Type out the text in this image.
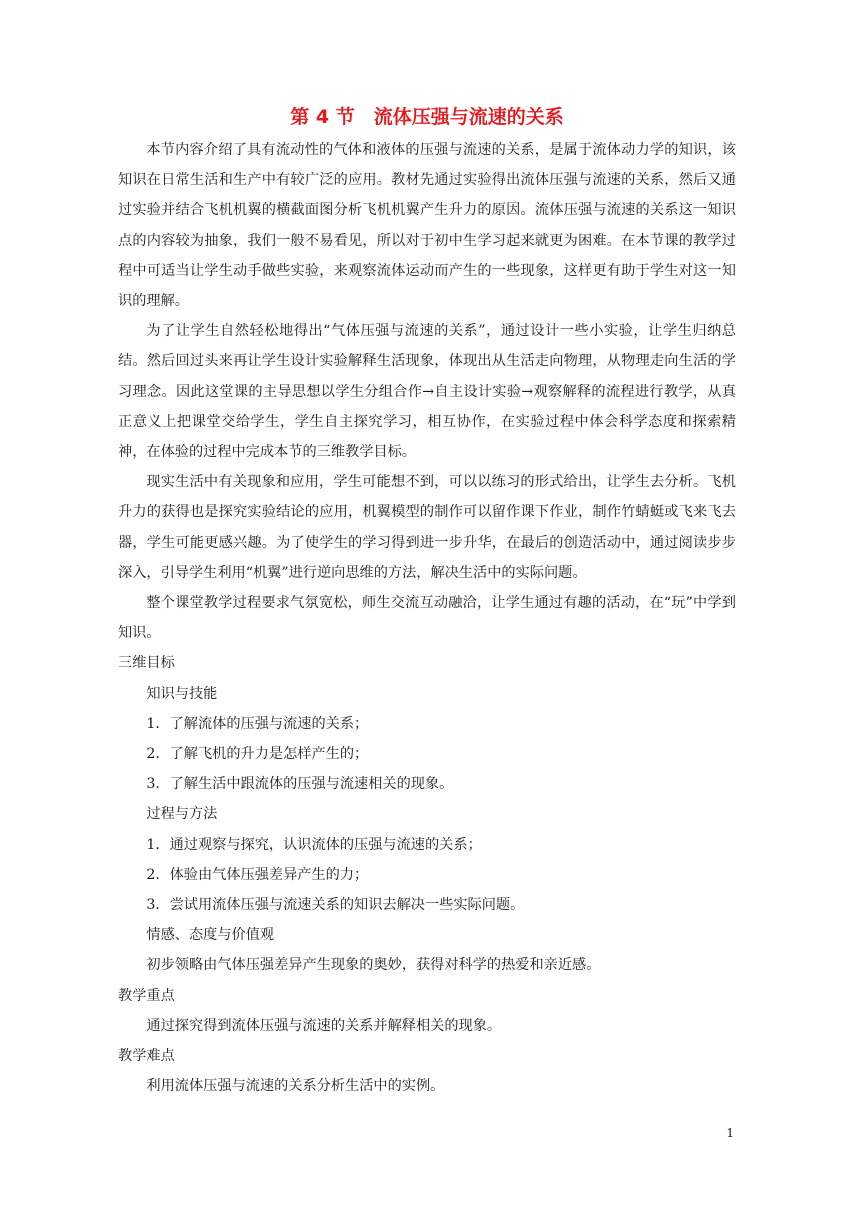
第 4 节　流体压强与流速的关系

本节内容介绍了具有流动性的气体和液体的压强与流速的关系，是属于流体动力学的知识，该知识在日常生活和生产中有较广泛的应用。教材先通过实验得出流体压强与流速的关系，然后又通过实验并结合飞机机翼的横截面图分析飞机机翼产生升力的原因。流体压强与流速的关系这一知识点的内容较为抽象，我们一般不易看见，所以对于初中生学习起来就更为困难。在本节课的教学过程中可适当让学生动手做些实验，来观察流体运动而产生的一些现象，这样更有助于学生对这一知识的理解。

为了让学生自然轻松地得出“气体压强与流速的关系”，通过设计一些小实验，让学生归纳总结。然后回过头来再让学生设计实验解释生活现象，体现出从生活走向物理，从物理走向生活的学习理念。因此这堂课的主导思想以学生分组合作→自主设计实验→观察解释的流程进行教学，从真正意义上把课堂交给学生，学生自主探究学习，相互协作，在实验过程中体会科学态度和探索精神，在体验的过程中完成本节的三维教学目标。

现实生活中有关现象和应用，学生可能想不到，可以以练习的形式给出，让学生去分析。飞机升力的获得也是探究实验结论的应用，机翼模型的制作可以留作课下作业，制作竹蜻蜓或飞来飞去器，学生可能更感兴趣。为了使学生的学习得到进一步升华，在最后的创造活动中，通过阅读步步深入，引导学生利用“机翼”进行逆向思维的方法，解决生活中的实际问题。

整个课堂教学过程要求气氛宽松，师生交流互动融洽，让学生通过有趣的活动，在“玩”中学到知识。

三维目标

知识与技能

1．了解流体的压强与流速的关系；

2．了解飞机的升力是怎样产生的；

3．了解生活中跟流体的压强与流速相关的现象。

过程与方法

1．通过观察与探究，认识流体的压强与流速的关系；

2．体验由气体压强差异产生的力；

3．尝试用流体压强与流速关系的知识去解决一些实际问题。

情感、态度与价值观

初步领略由气体压强差异产生现象的奥妙，获得对科学的热爱和亲近感。

教学重点

通过探究得到流体压强与流速的关系并解释相关的现象。

教学难点

利用流体压强与流速的关系分析生活中的实例。

1
